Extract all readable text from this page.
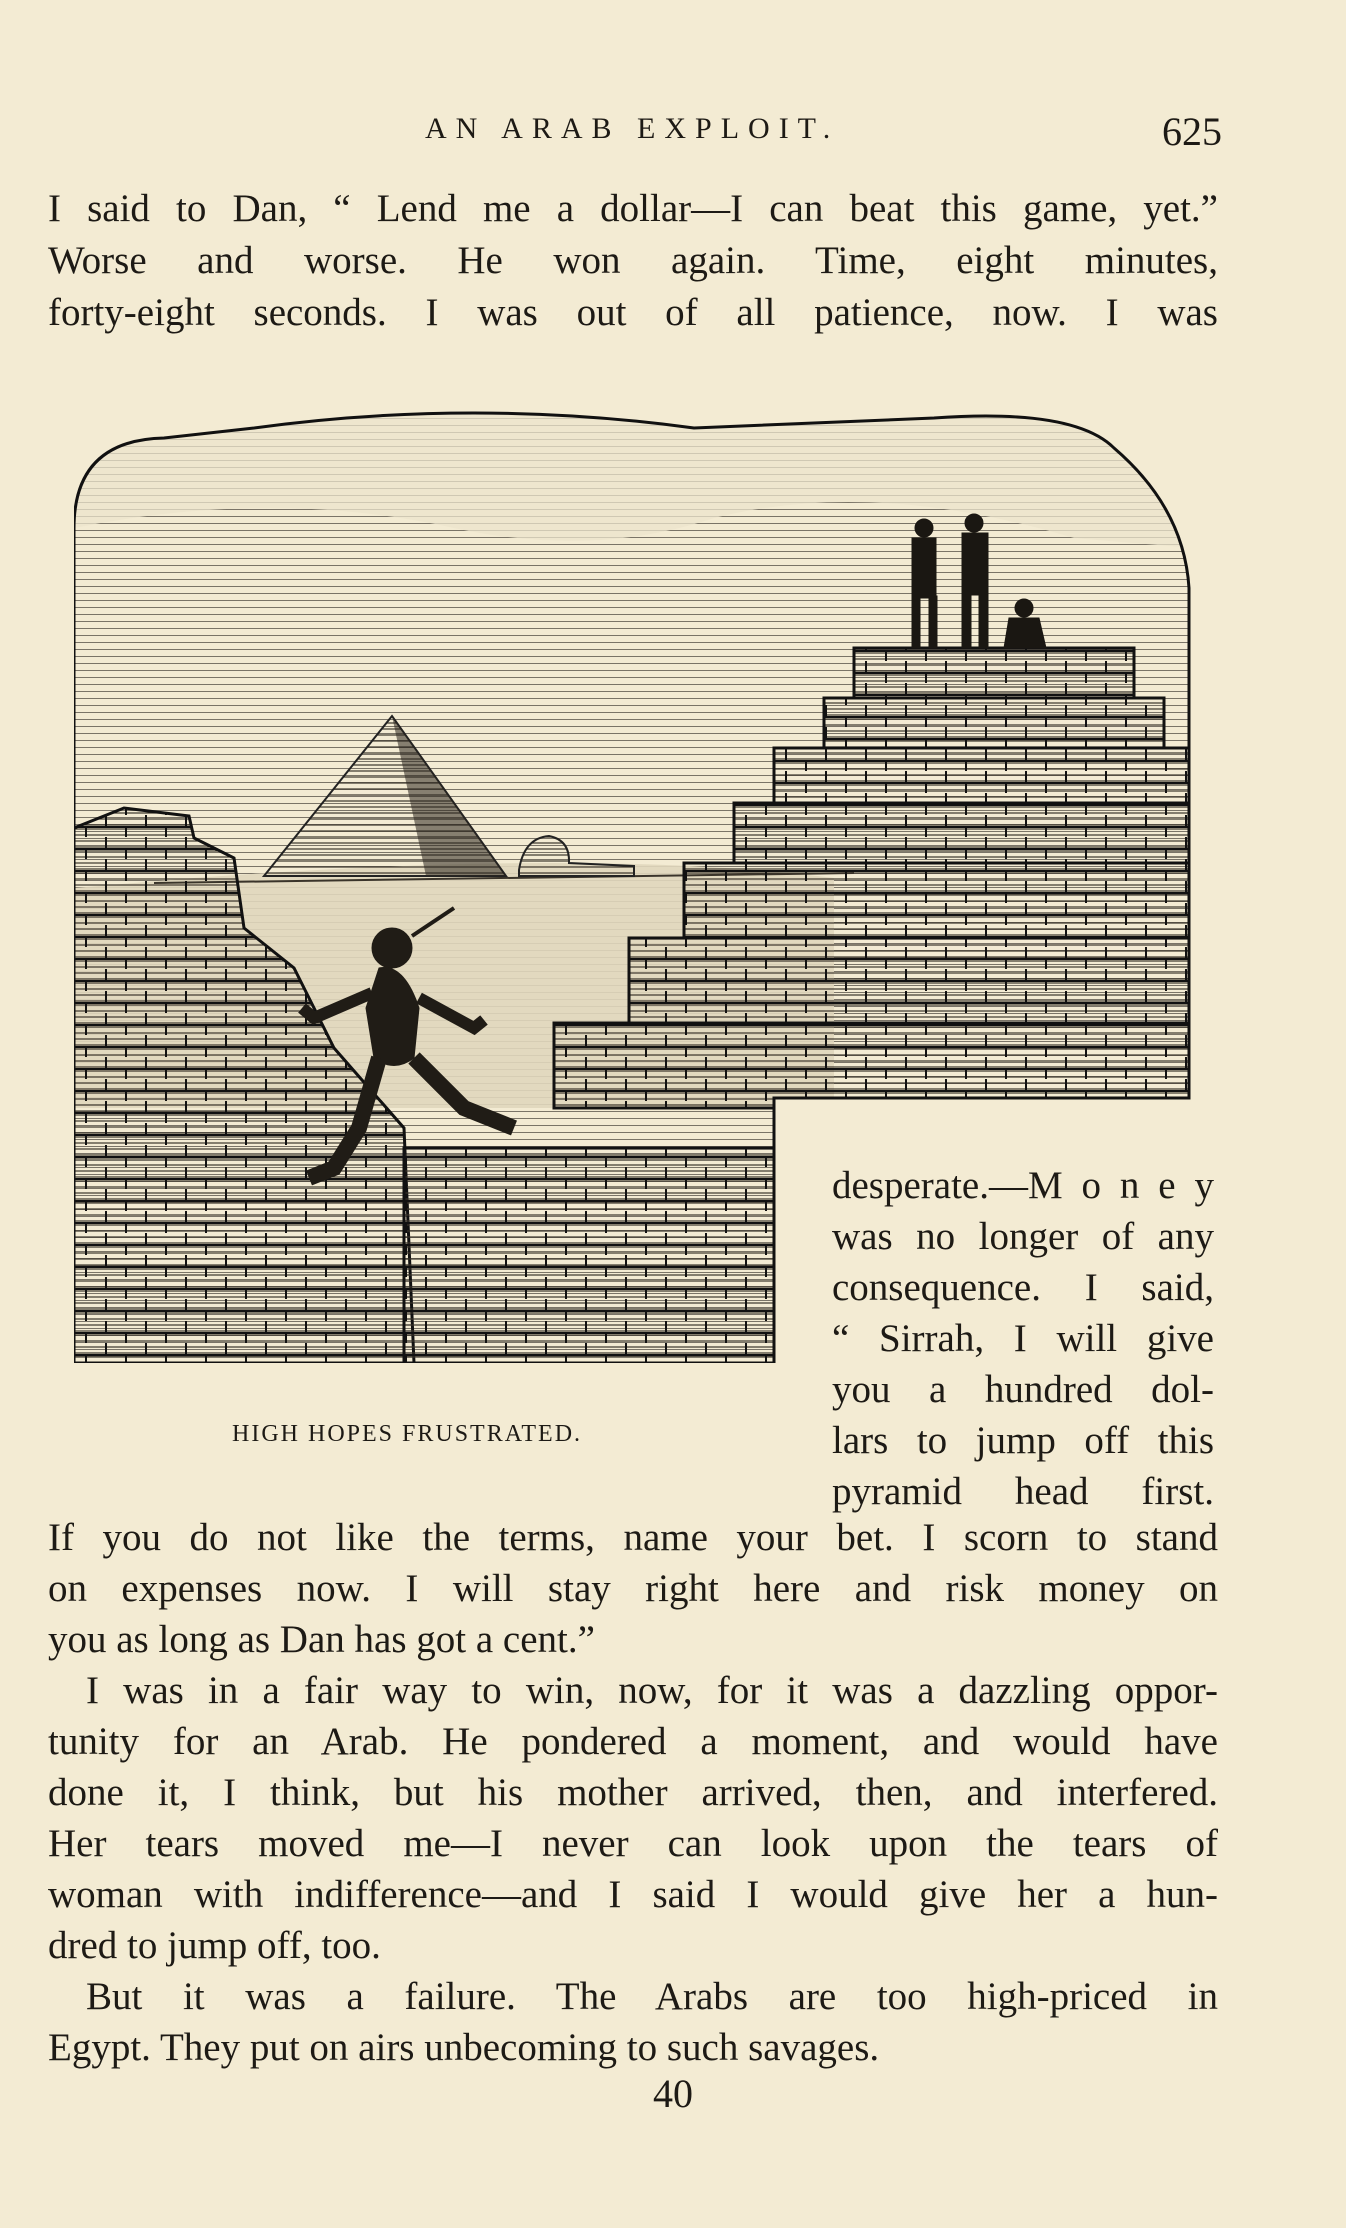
AN ARAB EXPLOIT.	625
I said to Dan, “ Lend me a dollar—I can beat this game, yet.”
Worse and worse. He won again. Time, eight minutes,
forty-eight seconds. I was out of all patience, now. I was
desperate.—M o n e y
was no longer of any
consequence. I said,
“ Sirrah, I will give
you a hundred dol-
lars to jump off this
pyramid head first.
HIGH HOPES FRUSTRATED.
If you do not like the terms, name your bet. I scorn to stand
on expenses now. I will stay right here and risk money on
you as long as Dan has got a cent.”
I was in a fair way to win, now, for it was a dazzling oppor-
tunity for an Arab. He pondered a moment, and would have
done it, I think, but his mother arrived, then, and interfered.
Her tears moved me—I never can look upon the tears of
woman with indifference—and I said I would give her a hun-
dred to jump off, too.
But it was a failure. The Arabs are too high-priced in
Egypt. They put on airs unbecoming to such savages.
40
